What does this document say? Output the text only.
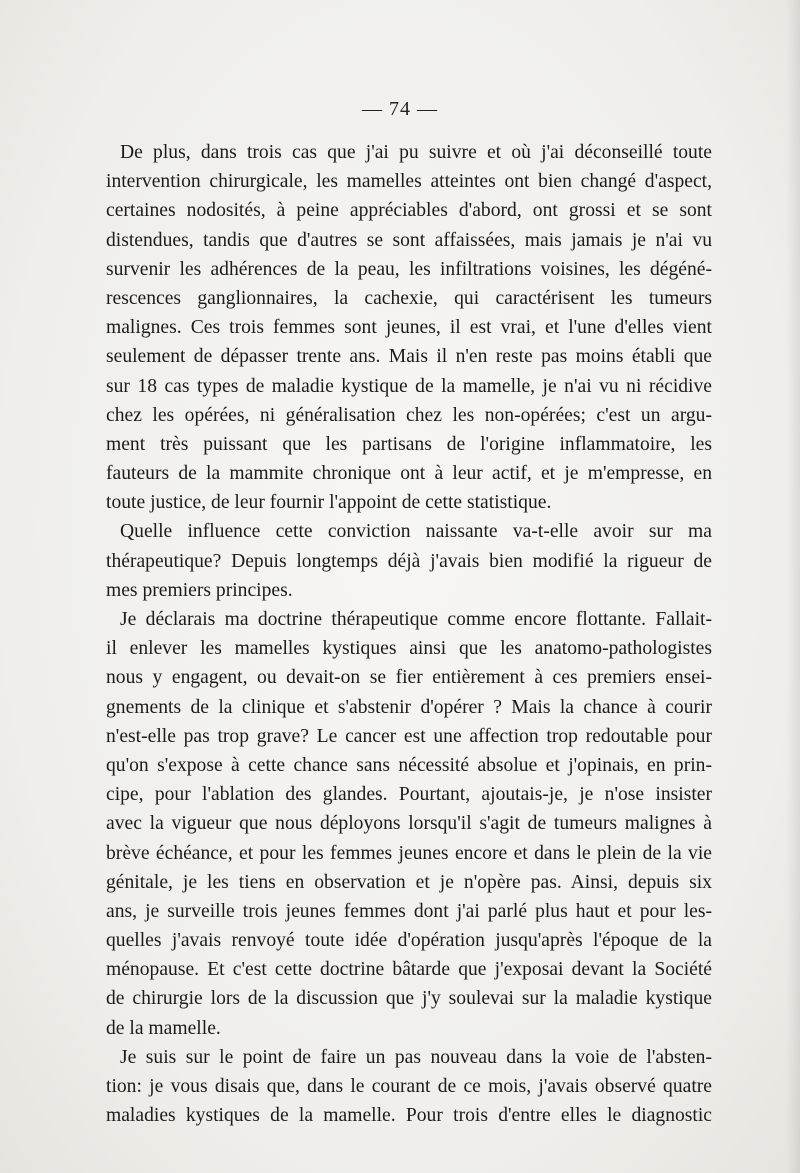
— 74 —
De plus, dans trois cas que j'ai pu suivre et où j'ai déconseillé toute
intervention chirurgicale, les mamelles atteintes ont bien changé d'aspect,
certaines nodosités, à peine appréciables d'abord, ont grossi et se sont
distendues, tandis que d'autres se sont affaissées, mais jamais je n'ai vu
survenir les adhérences de la peau, les infiltrations voisines, les dégéné-
rescences ganglionnaires, la cachexie, qui caractérisent les tumeurs
malignes. Ces trois femmes sont jeunes, il est vrai, et l'une d'elles vient
seulement de dépasser trente ans. Mais il n'en reste pas moins établi que
sur 18 cas types de maladie kystique de la mamelle, je n'ai vu ni récidive
chez les opérées, ni généralisation chez les non-opérées; c'est un argu-
ment très puissant que les partisans de l'origine inflammatoire, les
fauteurs de la mammite chronique ont à leur actif, et je m'empresse, en
toute justice, de leur fournir l'appoint de cette statistique.
Quelle influence cette conviction naissante va-t-elle avoir sur ma
thérapeutique? Depuis longtemps déjà j'avais bien modifié la rigueur de
mes premiers principes.
Je déclarais ma doctrine thérapeutique comme encore flottante. Fallait-
il enlever les mamelles kystiques ainsi que les anatomo-pathologistes
nous y engagent, ou devait-on se fier entièrement à ces premiers ensei-
gnements de la clinique et s'abstenir d'opérer ? Mais la chance à courir
n'est-elle pas trop grave? Le cancer est une affection trop redoutable pour
qu'on s'expose à cette chance sans nécessité absolue et j'opinais, en prin-
cipe, pour l'ablation des glandes. Pourtant, ajoutais-je, je n'ose insister
avec la vigueur que nous déployons lorsqu'il s'agit de tumeurs malignes à
brève échéance, et pour les femmes jeunes encore et dans le plein de la vie
génitale, je les tiens en observation et je n'opère pas. Ainsi, depuis six
ans, je surveille trois jeunes femmes dont j'ai parlé plus haut et pour les-
quelles j'avais renvoyé toute idée d'opération jusqu'après l'époque de la
ménopause. Et c'est cette doctrine bâtarde que j'exposai devant la Société
de chirurgie lors de la discussion que j'y soulevai sur la maladie kystique
de la mamelle.
Je suis sur le point de faire un pas nouveau dans la voie de l'absten-
tion: je vous disais que, dans le courant de ce mois, j'avais observé quatre
maladies kystiques de la mamelle. Pour trois d'entre elles le diagnostic
